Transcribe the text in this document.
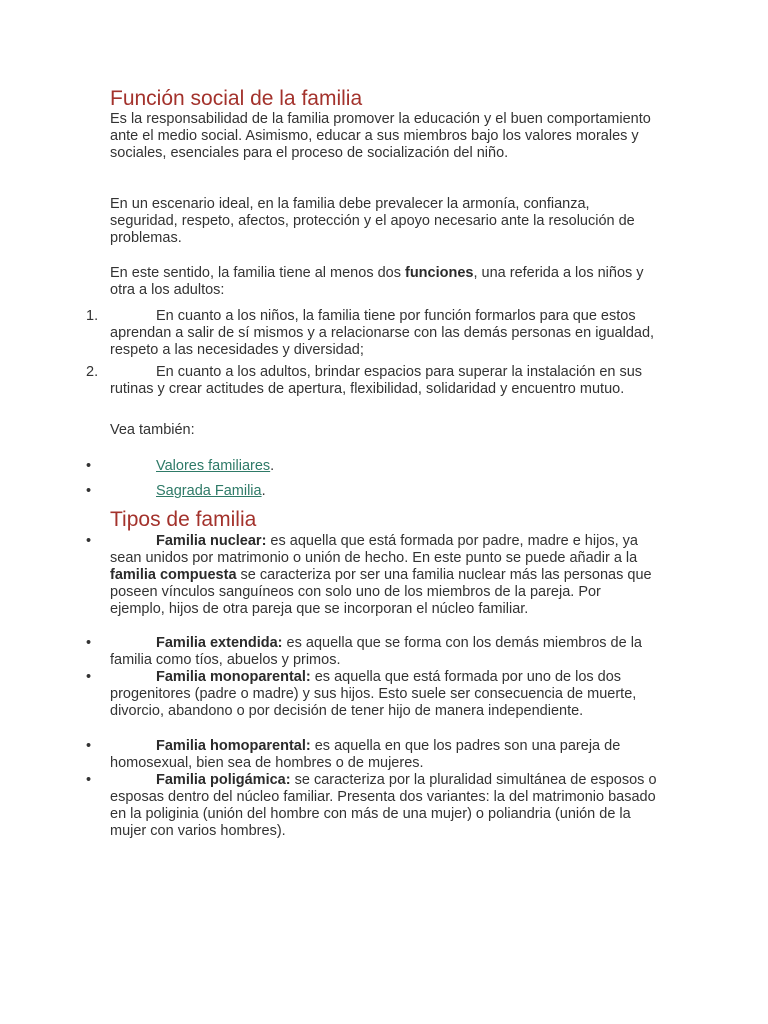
Función social de la familia

Es la responsabilidad de la familia promover la educación y el buen comportamiento ante el medio social. Asimismo, educar a sus miembros bajo los valores morales y sociales, esenciales para el proceso de socialización del niño.

En un escenario ideal, en la familia debe prevalecer la armonía, confianza, seguridad, respeto, afectos, protección y el apoyo necesario ante la resolución de problemas.

En este sentido, la familia tiene al menos dos funciones, una referida a los niños y otra a los adultos:

1.	En cuanto a los niños, la familia tiene por función formarlos para que estos aprendan a salir de sí mismos y a relacionarse con las demás personas en igualdad, respeto a las necesidades y diversidad;

2.	En cuanto a los adultos, brindar espacios para superar la instalación en sus rutinas y crear actitudes de apertura, flexibilidad, solidaridad y encuentro mutuo.

Vea también:

•	Valores familiares.
•	Sagrada Familia.
Tipos de familia
•	Familia nuclear: es aquella que está formada por padre, madre e hijos, ya sean unidos por matrimonio o unión de hecho. En este punto se puede añadir a la familia compuesta se caracteriza por ser una familia nuclear más las personas que poseen vínculos sanguíneos con solo uno de los miembros de la pareja. Por ejemplo, hijos de otra pareja que se incorporan el núcleo familiar.

•	Familia extendida: es aquella que se forma con los demás miembros de la familia como tíos, abuelos y primos.

•	Familia monoparental: es aquella que está formada por uno de los dos progenitores (padre o madre) y sus hijos. Esto suele ser consecuencia de muerte, divorcio, abandono o por decisión de tener hijo de manera independiente.

•	Familia homoparental: es aquella en que los padres son una pareja de homosexual, bien sea de hombres o de mujeres.

•	Familia poligámica: se caracteriza por la pluralidad simultánea de esposos o esposas dentro del núcleo familiar. Presenta dos variantes: la del matrimonio basado en la poliginia (unión del hombre con más de una mujer) o poliandria (unión de la mujer con varios hombres).
